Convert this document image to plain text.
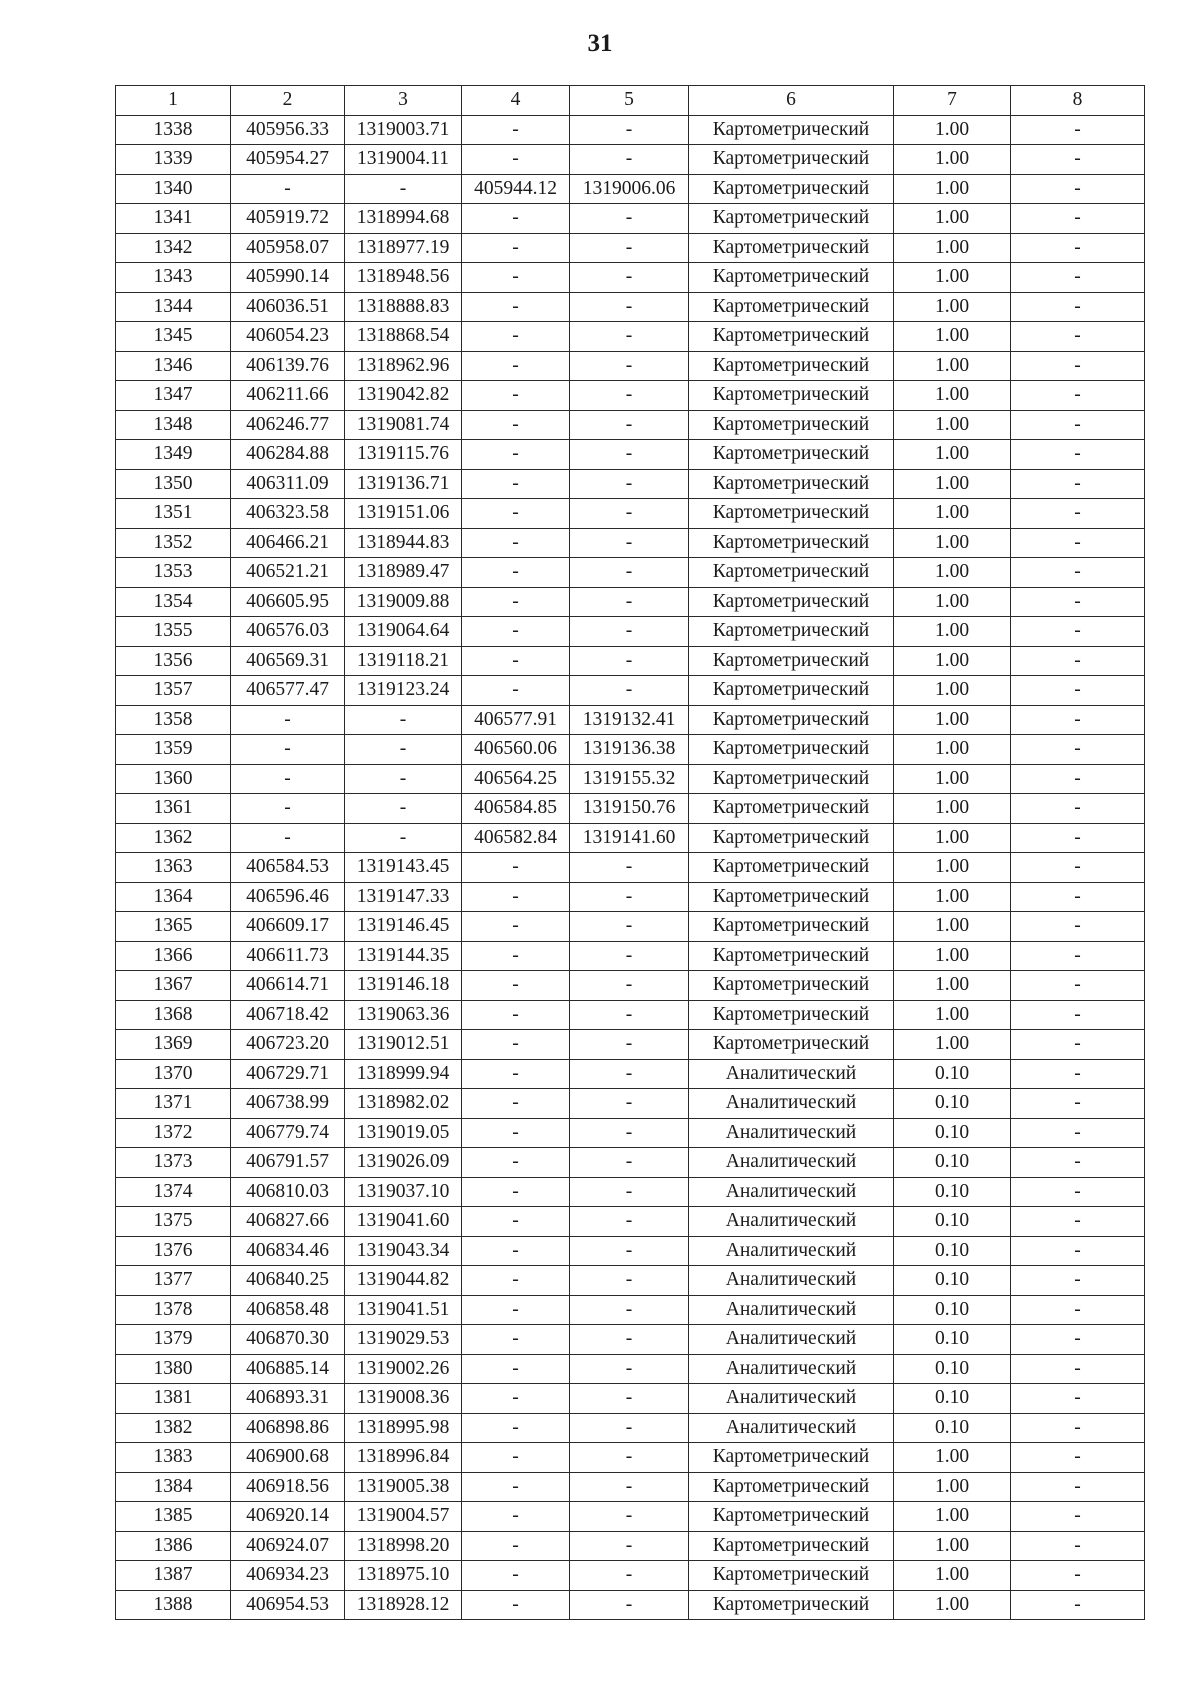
31
1	2	3	4	5	6	7	8
1338	405956.33	1319003.71	-	-	Картометрический	1.00	-
1339	405954.27	1319004.11	-	-	Картометрический	1.00	-
1340	-	-	405944.12	1319006.06	Картометрический	1.00	-
1341	405919.72	1318994.68	-	-	Картометрический	1.00	-
1342	405958.07	1318977.19	-	-	Картометрический	1.00	-
1343	405990.14	1318948.56	-	-	Картометрический	1.00	-
1344	406036.51	1318888.83	-	-	Картометрический	1.00	-
1345	406054.23	1318868.54	-	-	Картометрический	1.00	-
1346	406139.76	1318962.96	-	-	Картометрический	1.00	-
1347	406211.66	1319042.82	-	-	Картометрический	1.00	-
1348	406246.77	1319081.74	-	-	Картометрический	1.00	-
1349	406284.88	1319115.76	-	-	Картометрический	1.00	-
1350	406311.09	1319136.71	-	-	Картометрический	1.00	-
1351	406323.58	1319151.06	-	-	Картометрический	1.00	-
1352	406466.21	1318944.83	-	-	Картометрический	1.00	-
1353	406521.21	1318989.47	-	-	Картометрический	1.00	-
1354	406605.95	1319009.88	-	-	Картометрический	1.00	-
1355	406576.03	1319064.64	-	-	Картометрический	1.00	-
1356	406569.31	1319118.21	-	-	Картометрический	1.00	-
1357	406577.47	1319123.24	-	-	Картометрический	1.00	-
1358	-	-	406577.91	1319132.41	Картометрический	1.00	-
1359	-	-	406560.06	1319136.38	Картометрический	1.00	-
1360	-	-	406564.25	1319155.32	Картометрический	1.00	-
1361	-	-	406584.85	1319150.76	Картометрический	1.00	-
1362	-	-	406582.84	1319141.60	Картометрический	1.00	-
1363	406584.53	1319143.45	-	-	Картометрический	1.00	-
1364	406596.46	1319147.33	-	-	Картометрический	1.00	-
1365	406609.17	1319146.45	-	-	Картометрический	1.00	-
1366	406611.73	1319144.35	-	-	Картометрический	1.00	-
1367	406614.71	1319146.18	-	-	Картометрический	1.00	-
1368	406718.42	1319063.36	-	-	Картометрический	1.00	-
1369	406723.20	1319012.51	-	-	Картометрический	1.00	-
1370	406729.71	1318999.94	-	-	Аналитический	0.10	-
1371	406738.99	1318982.02	-	-	Аналитический	0.10	-
1372	406779.74	1319019.05	-	-	Аналитический	0.10	-
1373	406791.57	1319026.09	-	-	Аналитический	0.10	-
1374	406810.03	1319037.10	-	-	Аналитический	0.10	-
1375	406827.66	1319041.60	-	-	Аналитический	0.10	-
1376	406834.46	1319043.34	-	-	Аналитический	0.10	-
1377	406840.25	1319044.82	-	-	Аналитический	0.10	-
1378	406858.48	1319041.51	-	-	Аналитический	0.10	-
1379	406870.30	1319029.53	-	-	Аналитический	0.10	-
1380	406885.14	1319002.26	-	-	Аналитический	0.10	-
1381	406893.31	1319008.36	-	-	Аналитический	0.10	-
1382	406898.86	1318995.98	-	-	Аналитический	0.10	-
1383	406900.68	1318996.84	-	-	Картометрический	1.00	-
1384	406918.56	1319005.38	-	-	Картометрический	1.00	-
1385	406920.14	1319004.57	-	-	Картометрический	1.00	-
1386	406924.07	1318998.20	-	-	Картометрический	1.00	-
1387	406934.23	1318975.10	-	-	Картометрический	1.00	-
1388	406954.53	1318928.12	-	-	Картометрический	1.00	-
